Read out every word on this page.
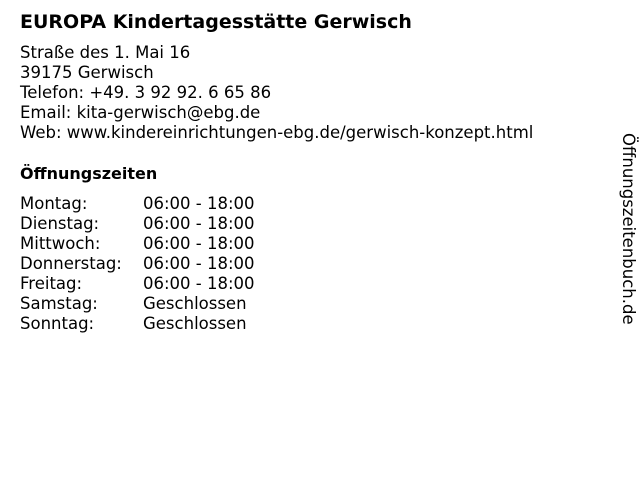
EUROPA Kindertagesstätte Gerwisch
Straße des 1. Mai 16
39175 Gerwisch
Telefon: +49. 3 92 92. 6 65 86
Email: kita-gerwisch@ebg.de
Web: www.kindereinrichtungen-ebg.de/gerwisch-konzept.html
Öffnungszeiten
Montag:	06:00 - 18:00
Dienstag:	06:00 - 18:00
Mittwoch:	06:00 - 18:00
Donnerstag:	06:00 - 18:00
Freitag:	06:00 - 18:00
Samstag:	Geschlossen
Sonntag:	Geschlossen	Öffnungszeitenbuch.de
